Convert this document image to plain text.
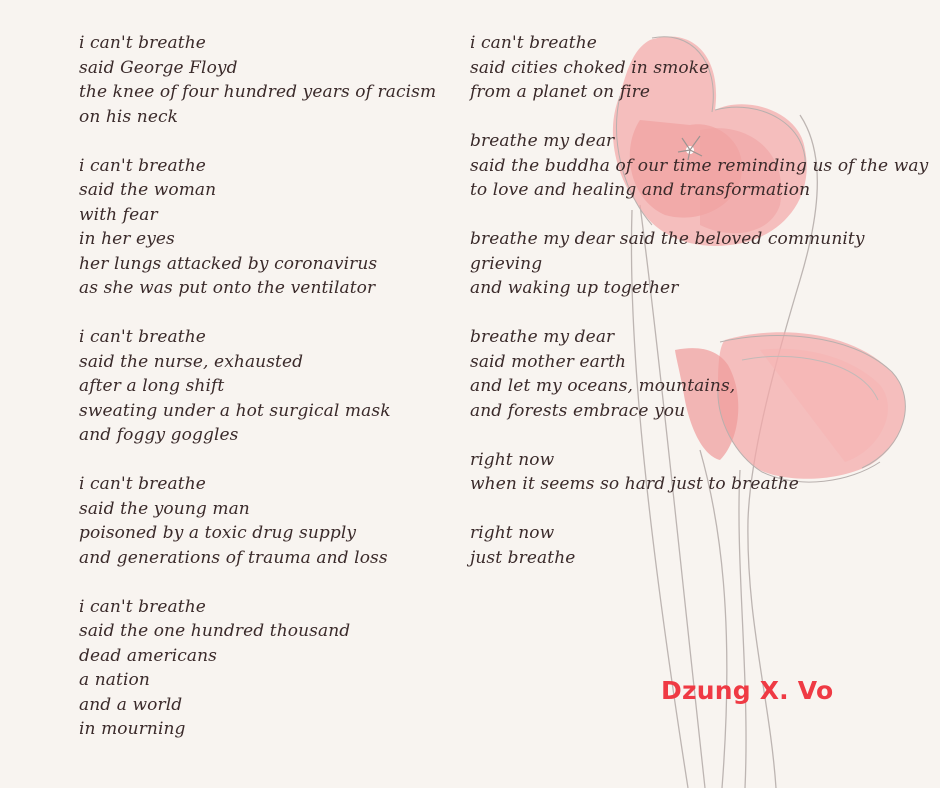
i can't breathe
said George Floyd
the knee of four hundred years of racism
on his neck
i can't breathe
said the woman
with fear
in her eyes
her lungs attacked by coronavirus
as she was put onto the ventilator
i can't breathe
said the nurse, exhausted
after a long shift
sweating under a hot surgical mask
and foggy goggles
i can't breathe
said the young man
poisoned by a toxic drug supply
and generations of trauma and loss
i can't breathe
said the one hundred thousand
dead americans
a nation
and a world
in mourning
i can't breathe
said cities choked in smoke
from a planet on fire
breathe my dear
said the buddha of our time reminding us of the way
to love and healing and transformation
breathe my dear said the beloved community
grieving
and waking up together
breathe my dear
said mother earth
and let my oceans, mountains,
and forests embrace you
right now
when it seems so hard just to breathe
right now
just breathe
Dzung X. Vo
